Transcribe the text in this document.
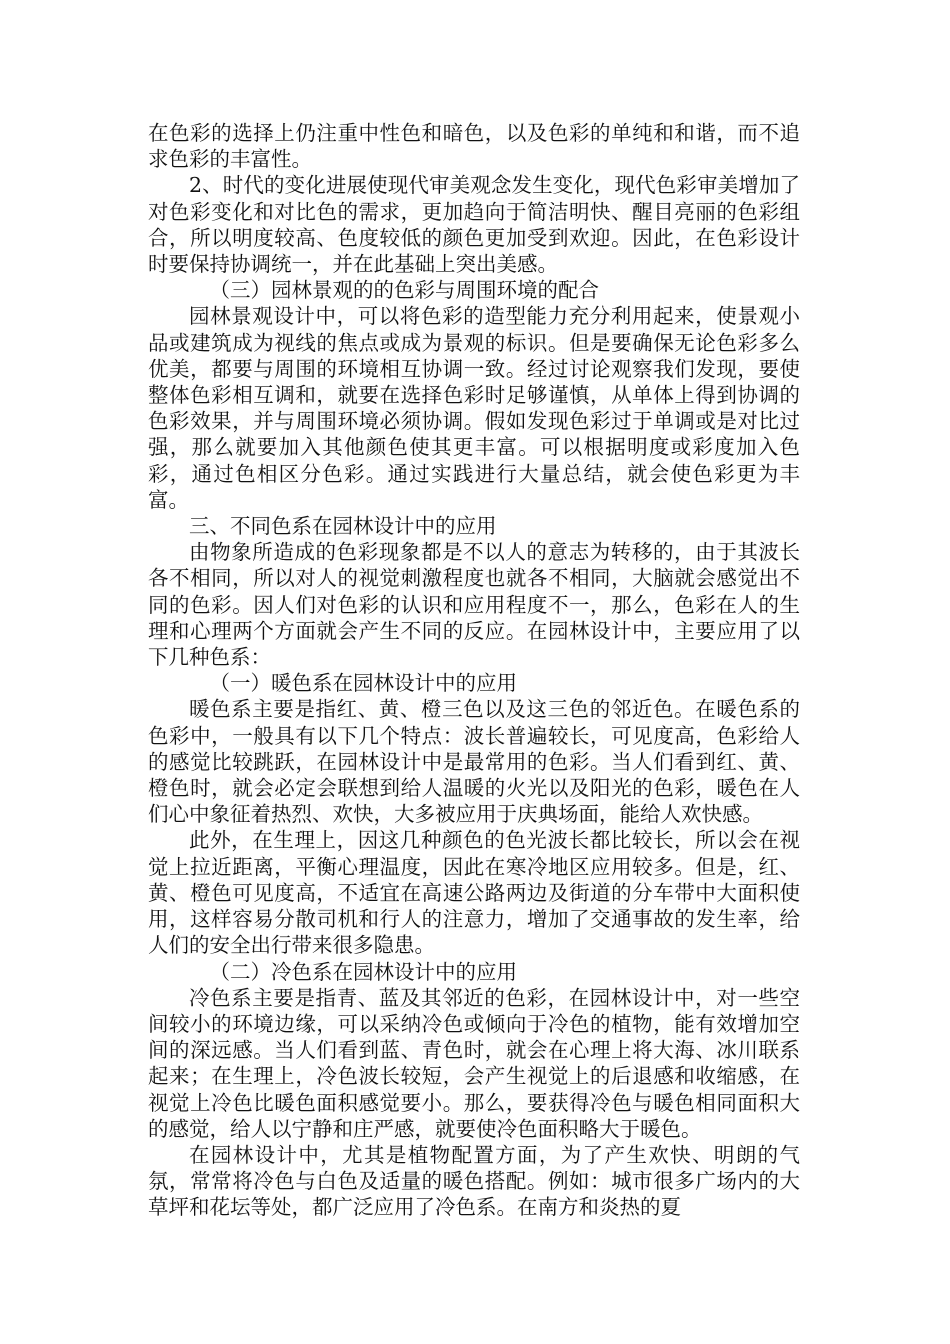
在色彩的选择上仍注重中性色和暗色，以及色彩的单纯和和谐，而不追求色彩的丰富性。

2、时代的变化进展使现代审美观念发生变化，现代色彩审美增加了对色彩变化和对比色的需求，更加趋向于简洁明快、醒目亮丽的色彩组合，所以明度较高、色度较低的颜色更加受到欢迎。因此，在色彩设计时要保持协调统一，并在此基础上突出美感。

（三）园林景观的的色彩与周围环境的配合

园林景观设计中，可以将色彩的造型能力充分利用起来，使景观小品或建筑成为视线的焦点或成为景观的标识。但是要确保无论色彩多么优美，都要与周围的环境相互协调一致。经过讨论观察我们发现，要使整体色彩相互调和，就要在选择色彩时足够谨慎，从单体上得到协调的色彩效果，并与周围环境必须协调。假如发现色彩过于单调或是对比过强，那么就要加入其他颜色使其更丰富。可以根据明度或彩度加入色彩，通过色相区分色彩。通过实践进行大量总结，就会使色彩更为丰富。

三、不同色系在园林设计中的应用

由物象所造成的色彩现象都是不以人的意志为转移的，由于其波长各不相同，所以对人的视觉刺激程度也就各不相同，大脑就会感觉出不同的色彩。因人们对色彩的认识和应用程度不一，那么，色彩在人的生理和心理两个方面就会产生不同的反应。在园林设计中，主要应用了以下几种色系：

（一）暖色系在园林设计中的应用

暖色系主要是指红、黄、橙三色以及这三色的邻近色。在暖色系的色彩中，一般具有以下几个特点：波长普遍较长，可见度高，色彩给人的感觉比较跳跃，在园林设计中是最常用的色彩。当人们看到红、黄、橙色时，就会必定会联想到给人温暖的火光以及阳光的色彩，暖色在人们心中象征着热烈、欢快，大多被应用于庆典场面，能给人欢快感。

此外，在生理上，因这几种颜色的色光波长都比较长，所以会在视觉上拉近距离，平衡心理温度，因此在寒冷地区应用较多。但是，红、黄、橙色可见度高，不适宜在高速公路两边及街道的分车带中大面积使用，这样容易分散司机和行人的注意力，增加了交通事故的发生率，给人们的安全出行带来很多隐患。

（二）冷色系在园林设计中的应用

冷色系主要是指青、蓝及其邻近的色彩，在园林设计中，对一些空间较小的环境边缘，可以采纳冷色或倾向于冷色的植物，能有效增加空间的深远感。当人们看到蓝、青色时，就会在心理上将大海、冰川联系起来；在生理上，冷色波长较短，会产生视觉上的后退感和收缩感，在视觉上冷色比暖色面积感觉要小。那么，要获得冷色与暖色相同面积大的感觉，给人以宁静和庄严感，就要使冷色面积略大于暖色。

在园林设计中，尤其是植物配置方面，为了产生欢快、明朗的气氛，常常将冷色与白色及适量的暖色搭配。例如：城市很多广场内的大草坪和花坛等处，都广泛应用了冷色系。在南方和炎热的夏
